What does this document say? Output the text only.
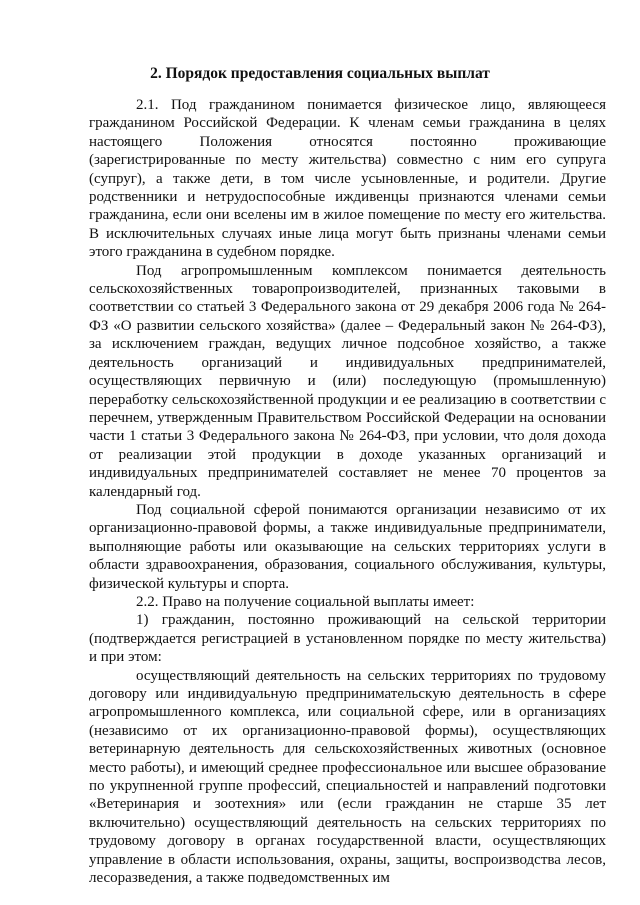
2. Порядок предоставления социальных выплат

2.1. Под гражданином понимается физическое лицо, являющееся гражданином Российской Федерации. К членам семьи гражданина в целях настоящего Положения относятся постоянно проживающие (зарегистрированные по месту жительства) совместно с ним его супруга (супруг), а также дети, в том числе усыновленные, и родители. Другие родственники и нетрудоспособные иждивенцы признаются членами семьи гражданина, если они вселены им в жилое помещение по месту его жительства. В исключительных случаях иные лица могут быть признаны членами семьи этого гражданина в судебном порядке.

Под агропромышленным комплексом понимается деятельность сельскохозяйственных товаропроизводителей, признанных таковыми в соответствии со статьей 3 Федерального закона от 29 декабря 2006 года № 264-ФЗ «О развитии сельского хозяйства» (далее – Федеральный закон № 264-ФЗ), за исключением граждан, ведущих личное подсобное хозяйство, а также деятельность организаций и индивидуальных предпринимателей, осуществляющих первичную и (или) последующую (промышленную) переработку сельскохозяйственной продукции и ее реализацию в соответствии с перечнем, утвержденным Правительством Российской Федерации на основании части 1 статьи 3 Федерального закона № 264-ФЗ, при условии, что доля дохода от реализации этой продукции в доходе указанных организаций и индивидуальных предпринимателей составляет не менее 70 процентов за календарный год.

Под социальной сферой понимаются организации независимо от их организационно-правовой формы, а также индивидуальные предприниматели, выполняющие работы или оказывающие на сельских территориях услуги в области здравоохранения, образования, социального обслуживания, культуры, физической культуры и спорта.

2.2. Право на получение социальной выплаты имеет:

1) гражданин, постоянно проживающий на сельской территории (подтверждается регистрацией в установленном порядке по месту жительства) и при этом:

осуществляющий деятельность на сельских территориях по трудовому договору или индивидуальную предпринимательскую деятельность в сфере агропромышленного комплекса, или социальной сфере, или в организациях (независимо от их организационно-правовой формы), осуществляющих ветеринарную деятельность для сельскохозяйственных животных (основное место работы), и имеющий среднее профессиональное или высшее образование по укрупненной группе профессий, специальностей и направлений подготовки «Ветеринария и зоотехния» или (если гражданин не старше 35 лет включительно) осуществляющий деятельность на сельских территориях по трудовому договору в органах государственной власти, осуществляющих управление в области использования, охраны, защиты, воспроизводства лесов, лесоразведения, а также подведомственных им
